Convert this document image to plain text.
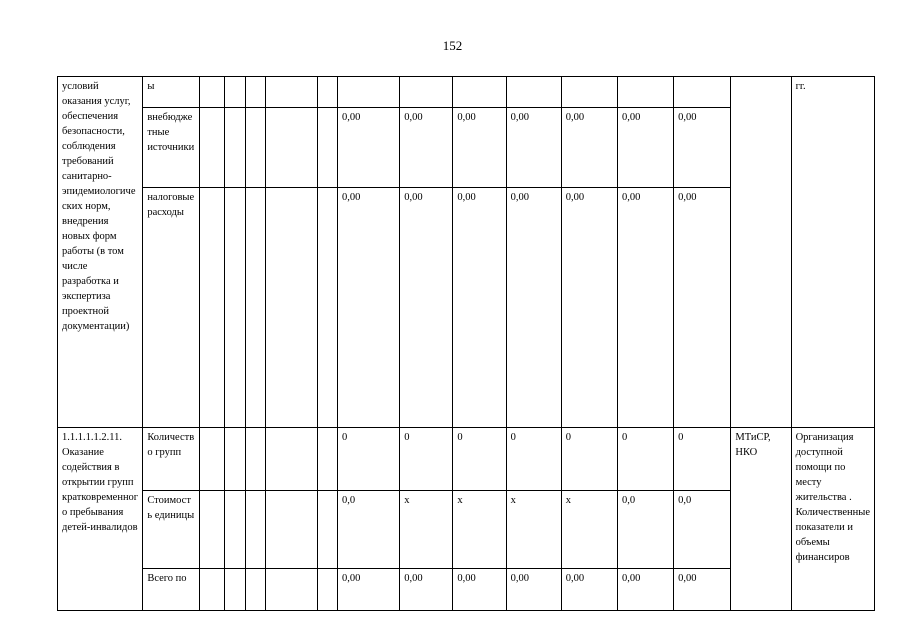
152
условий оказания услуг, обеспечения безопасности, соблюдения требований санитарно-эпидемиологических норм, внедрения новых форм работы (в том числе разработка и экспертиза проектной документации)	ы														гг.
	внебюджетные источники						0,00	0,00	0,00	0,00	0,00	0,00	0,00		
	налоговые расходы						0,00	0,00	0,00	0,00	0,00	0,00	0,00		
1.1.1.1.1.2.11. Оказание содействия в открытии групп кратковременного пребывания детей-инвалидов	Количество групп						0	0	0	0	0	0	0	МТиСР, НКО	Организация доступной помощи по месту жительства . Количественные показатели и объемы финансиров
	Стоимость единицы						0,0	х	х	х	х	0,0	0,0		
	Всего по						0,00	0,00	0,00	0,00	0,00	0,00	0,00		
